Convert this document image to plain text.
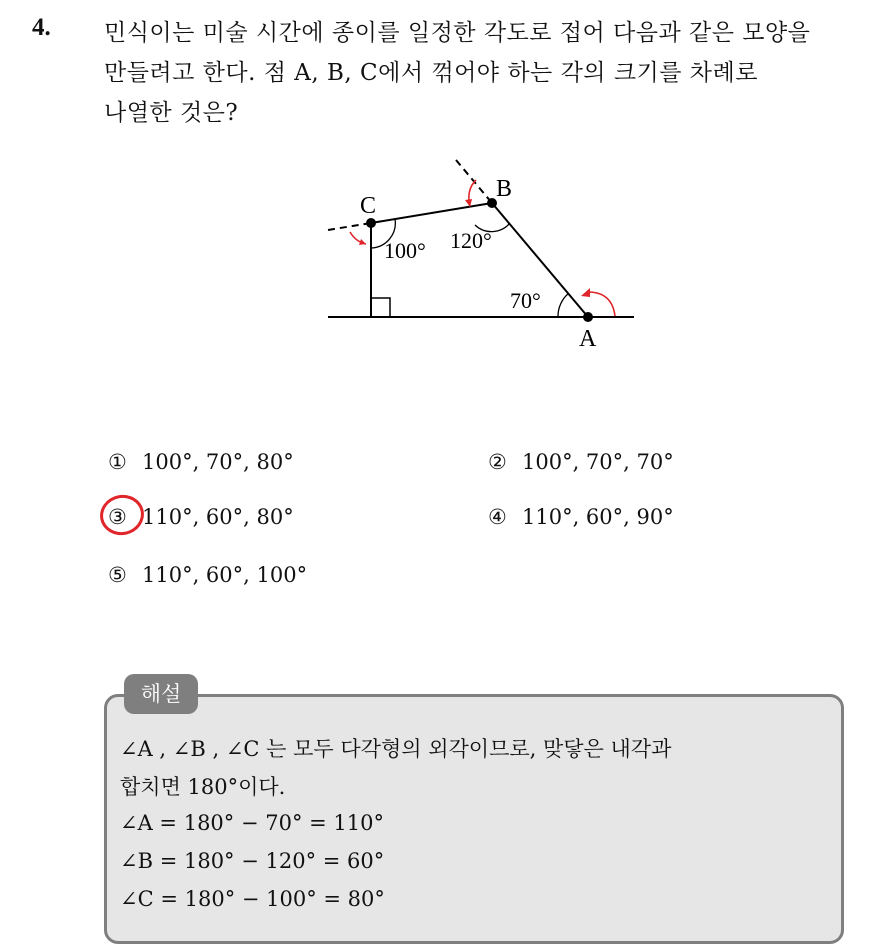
4. 민식이는 미술 시간에 종이를 일정한 각도로 접어 다음과 같은 모양을
만들려고 한다. 점 A, B, C에서 꺾어야 하는 각의 크기를 차례로
나열한 것은?
C
B
A
100° 120°
70°
① 100°, 70°, 80°	② 100°, 70°, 70°
③ 110°, 60°, 80°	④ 110°, 60°, 90°
⑤ 110°, 60°, 100°
해설
∠A , ∠B , ∠C 는 모두 다각형의 외각이므로, 맞닿은 내각과
합치면 180°이다.
∠A = 180° − 70° = 110°
∠B = 180° − 120° = 60°
∠C = 180° − 100° = 80°
